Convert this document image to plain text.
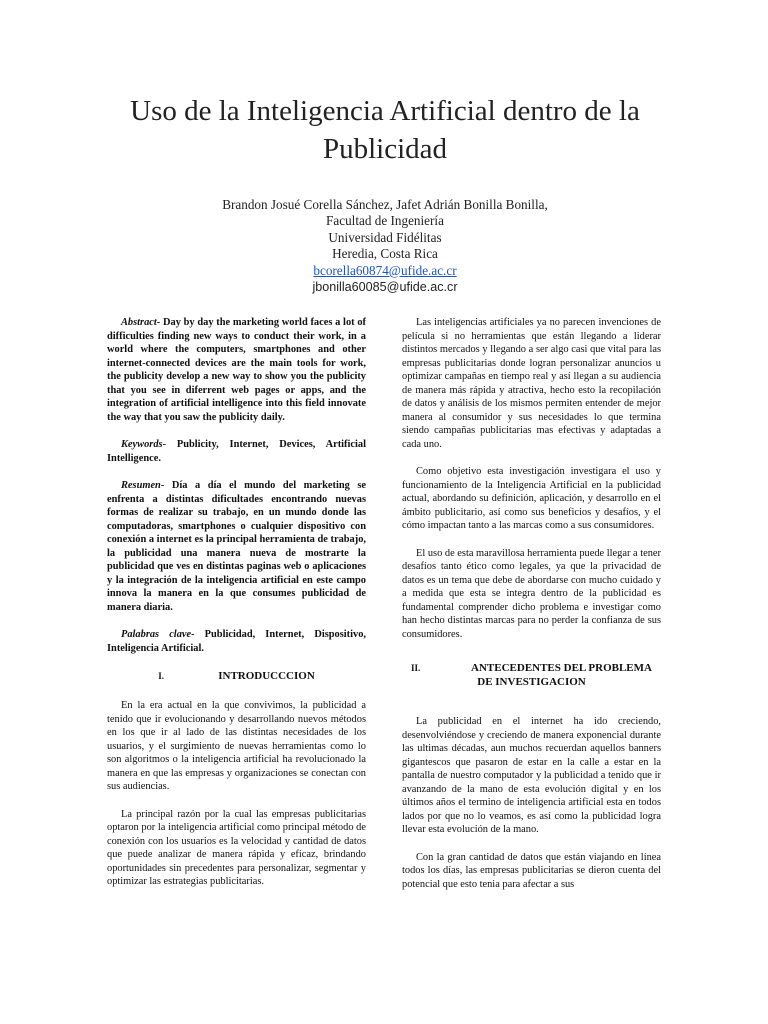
Uso de la Inteligencia Artificial dentro de la Publicidad
Brandon Josué Corella Sánchez, Jafet Adrián Bonilla Bonilla,
Facultad de Ingeniería
Universidad Fidélitas
Heredia, Costa Rica
bcorella60874@ufide.ac.cr
jbonilla60085@ufide.ac.cr

Abstract- Day by day the marketing world faces a lot of difficulties finding new ways to conduct their work, in a world where the computers, smartphones and other internet-connected devices are the main tools for work, the publicity develop a new way to show you the publicity that you see in diferrent web pages or apps, and the integration of artificial intelligence into this field innovate the way that you saw the publicity daily.

Keywords- Publicity, Internet, Devices, Artificial Intelligence.

Resumen- Día a día el mundo del marketing se enfrenta a distintas dificultades encontrando nuevas formas de realizar su trabajo, en un mundo donde las computadoras, smartphones o cualquier dispositivo con conexión a internet es la principal herramienta de trabajo, la publicidad una manera nueva de mostrarte la publicidad que ves en distintas paginas web o aplicaciones y la integración de la inteligencia artificial en este campo innova la manera en la que consumes publicidad de manera diaria.

Palabras clave- Publicidad, Internet, Dispositivo, Inteligencia Artificial.

I.	INTRODUCCCION

En la era actual en la que convivimos, la publicidad a tenido que ir evolucionando y desarrollando nuevos métodos en los que ir al lado de las distintas necesidades de los usuarios, y el surgimiento de nuevas herramientas como lo son algoritmos o la inteligencia artificial ha revolucionado la manera en que las empresas y organizaciones se conectan con sus audiencias.

La principal razón por la cual las empresas publicitarias optaron por la inteligencia artificial como principal método de conexión con los usuarios es la velocidad y cantidad de datos que puede analizar de manera rápida y eficaz, brindando oportunidades sin precedentes para personalizar, segmentar y optimizar las estrategias publicitarias.

Las inteligencias artificiales ya no parecen invenciones de película si no herramientas que están llegando a liderar distintos mercados y llegando a ser algo casi que vital para las empresas publicitarias donde logran personalizar anuncios u optimizar campañas en tiempo real y así llegan a su audiencia de manera más rápida y atractiva, hecho esto la recopilación de datos y análisis de los mismos permiten entender de mejor manera al consumidor y sus necesidades lo que termina siendo campañas publicitarias mas efectivas y adaptadas a cada uno.

Como objetivo esta investigación investigara el uso y funcionamiento de la Inteligencia Artificial en la publicidad actual, abordando su definición, aplicación, y desarrollo en el ámbito publicitario, así como sus beneficios y desafíos, y el cómo impactan tanto a las marcas como a sus consumidores.

El uso de esta maravillosa herramienta puede llegar a tener desafíos tanto ético como legales, ya que la privacidad de datos es un tema que debe de abordarse con mucho cuidado y a medida que esta se integra dentro de la publicidad es fundamental comprender dicho problema e investigar como han hecho distintas marcas para no perder la confianza de sus consumidores.

II.	ANTECEDENTES DEL PROBLEMA
DE INVESTIGACION

La publicidad en el internet ha ido creciendo, desenvolviéndose y creciendo de manera exponencial durante las ultimas décadas, aun muchos recuerdan aquellos banners gigantescos que pasaron de estar en la calle a estar en la pantalla de nuestro computador y la publicidad a tenido que ir avanzando de la mano de esta evolución digital y en los últimos años el termino de inteligencia artificial esta en todos lados por que no lo veamos, es así como la publicidad logra llevar esta evolución de la mano.

Con la gran cantidad de datos que están viajando en línea todos los días, las empresas publicitarias se dieron cuenta del potencial que esto tenia para afectar a sus
